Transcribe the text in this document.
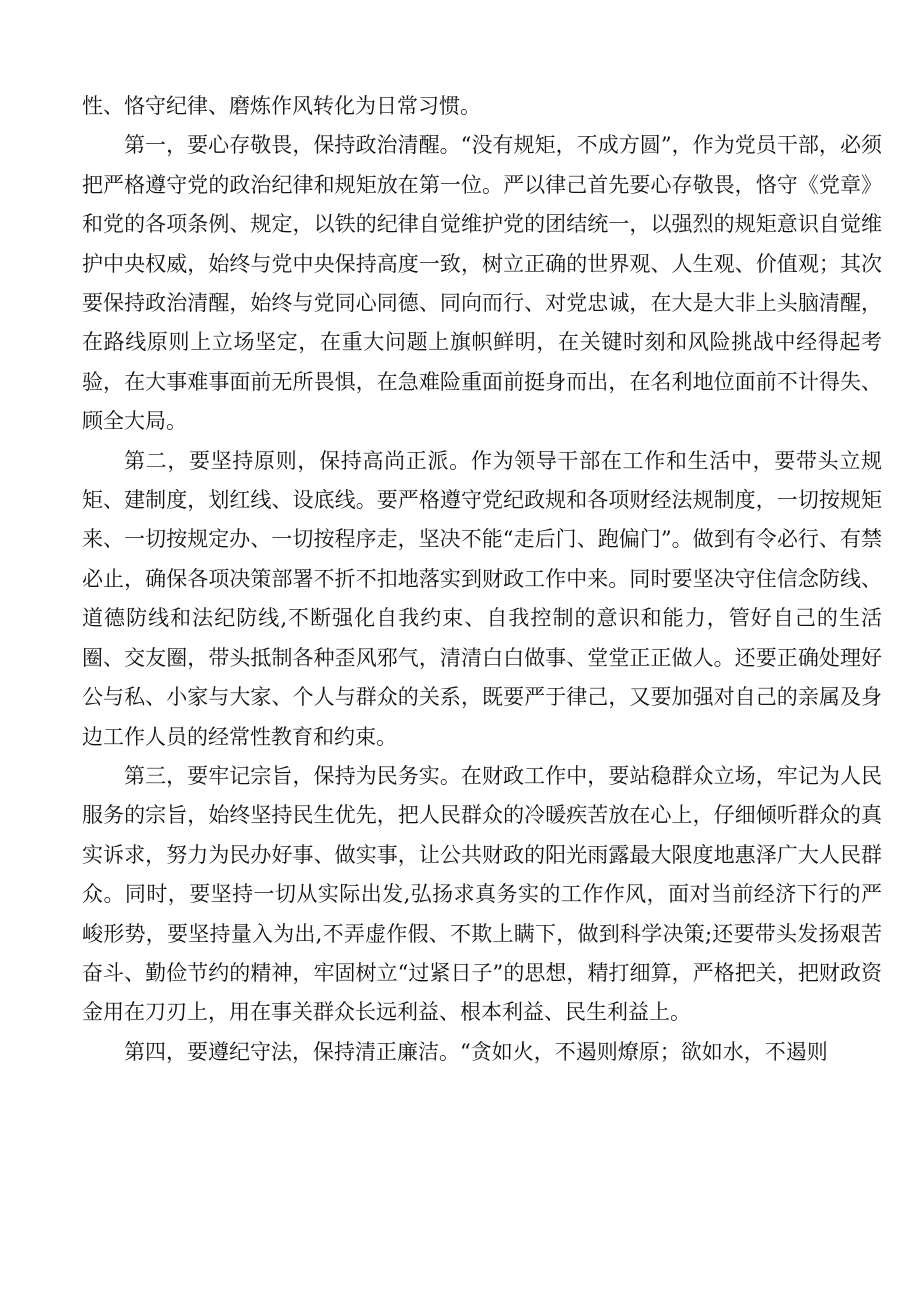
性、恪守纪律、磨炼作风转化为日常习惯。

第一，要心存敬畏，保持政治清醒。“没有规矩，不成方圆”，作为党员干部，必须把严格遵守党的政治纪律和规矩放在第一位。严以律己首先要心存敬畏，恪守《党章》和党的各项条例、规定，以铁的纪律自觉维护党的团结统一，以强烈的规矩意识自觉维护中央权威，始终与党中央保持高度一致，树立正确的世界观、人生观、价值观；其次要保持政治清醒，始终与党同心同德、同向而行、对党忠诚，在大是大非上头脑清醒，在路线原则上立场坚定，在重大问题上旗帜鲜明，在关键时刻和风险挑战中经得起考验，在大事难事面前无所畏惧，在急难险重面前挺身而出，在名利地位面前不计得失、顾全大局。

第二，要坚持原则，保持高尚正派。作为领导干部在工作和生活中，要带头立规矩、建制度，划红线、设底线。要严格遵守党纪政规和各项财经法规制度，一切按规矩来、一切按规定办、一切按程序走，坚决不能“走后门、跑偏门”。做到有令必行、有禁必止，确保各项决策部署不折不扣地落实到财政工作中来。同时要坚决守住信念防线、道德防线和法纪防线,不断强化自我约束、自我控制的意识和能力，管好自己的生活圈、交友圈，带头抵制各种歪风邪气，清清白白做事、堂堂正正做人。还要正确处理好公与私、小家与大家、个人与群众的关系，既要严于律己，又要加强对自己的亲属及身边工作人员的经常性教育和约束。

第三，要牢记宗旨，保持为民务实。在财政工作中，要站稳群众立场，牢记为人民服务的宗旨，始终坚持民生优先，把人民群众的冷暖疾苦放在心上，仔细倾听群众的真实诉求，努力为民办好事、做实事，让公共财政的阳光雨露最大限度地惠泽广大人民群众。同时，要坚持一切从实际出发,弘扬求真务实的工作作风，面对当前经济下行的严峻形势，要坚持量入为出,不弄虚作假、不欺上瞒下，做到科学决策;还要带头发扬艰苦奋斗、勤俭节约的精神，牢固树立“过紧日子”的思想，精打细算，严格把关，把财政资金用在刀刃上，用在事关群众长远利益、根本利益、民生利益上。

第四，要遵纪守法，保持清正廉洁。“贪如火，不遏则燎原；欲如水，不遏则
